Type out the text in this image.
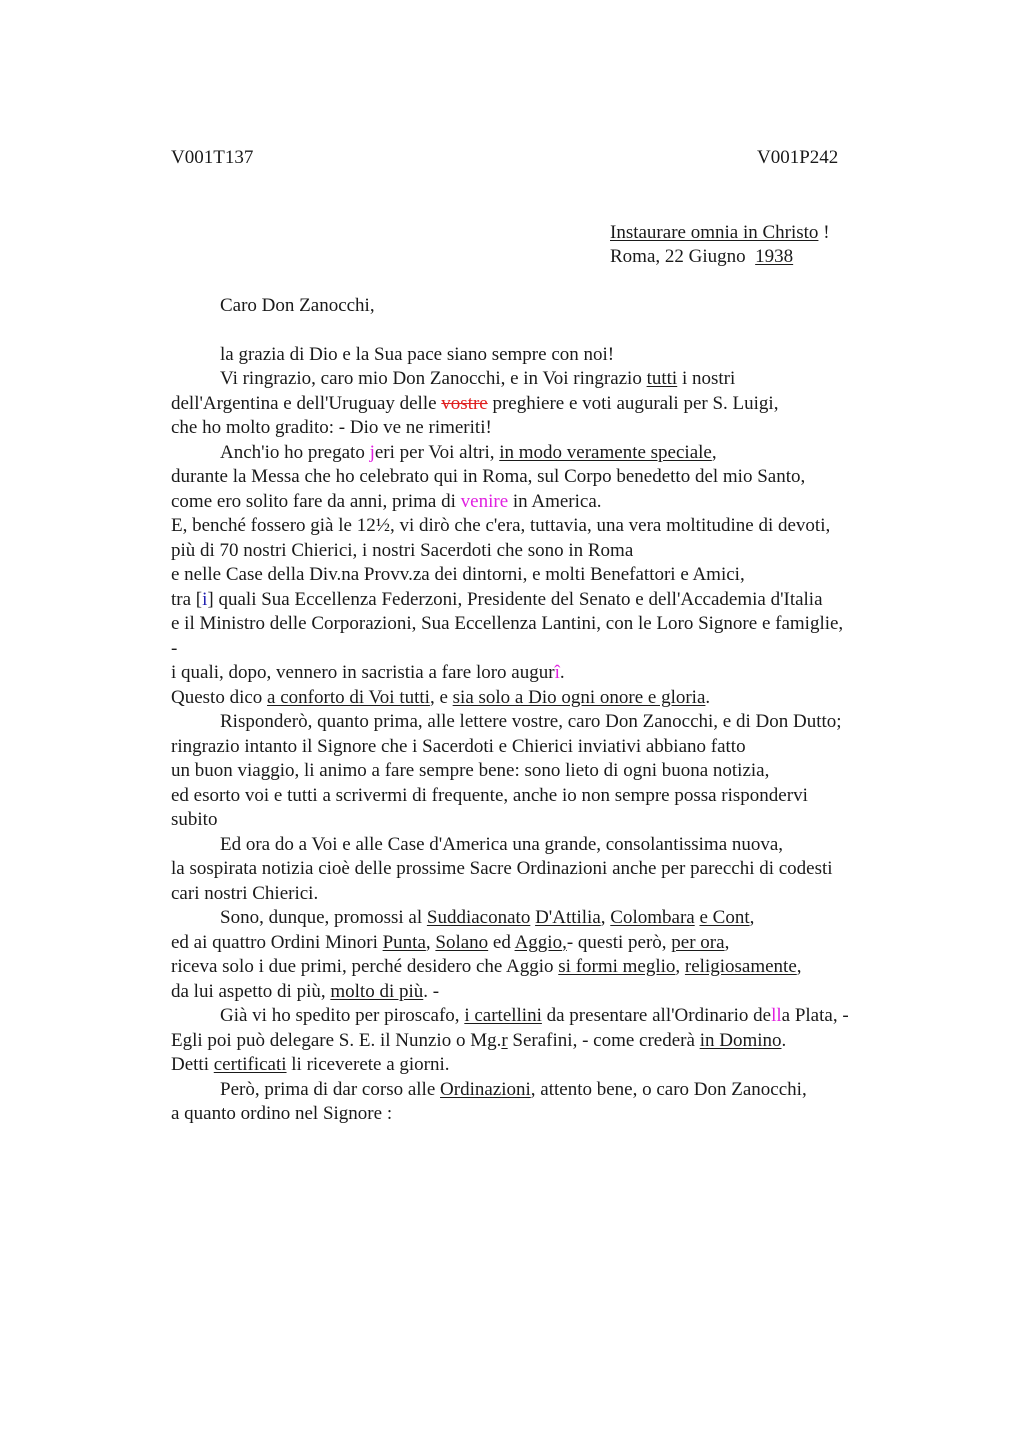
V001T137	V001P242
Instaurare omnia in Christo !
Roma, 22 Giugno  1938
Caro Don Zanocchi,
la grazia di Dio e la Sua pace siano sempre con noi!
Vi ringrazio, caro mio Don Zanocchi, e in Voi ringrazio tutti i nostri
dell'Argentina e dell'Uruguay delle vostre preghiere e voti augurali per S. Luigi,
che ho molto gradito: - Dio ve ne rimeriti!
Anch'io ho pregato jeri per Voi altri, in modo veramente speciale,
durante la Messa che ho celebrato qui in Roma, sul Corpo benedetto del mio Santo,
come ero solito fare da anni, prima di venire in America.
E, benché fossero già le 12½, vi dirò che c'era, tuttavia, una vera moltitudine di devoti,
più di 70 nostri Chierici, i nostri Sacerdoti che sono in Roma
e nelle Case della Div.na Provv.za dei dintorni, e molti Benefattori e Amici,
tra [i] quali Sua Eccellenza Federzoni, Presidente del Senato e dell'Accademia d'Italia
e il Ministro delle Corporazioni, Sua Eccellenza Lantini, con le Loro Signore e famiglie,
-
i quali, dopo, vennero in sacristia a fare loro augurî.
Questo dico a conforto di Voi tutti, e sia solo a Dio ogni onore e gloria.
Risponderò, quanto prima, alle lettere vostre, caro Don Zanocchi, e di Don Dutto;
ringrazio intanto il Signore che i Sacerdoti e Chierici inviativi abbiano fatto
un buon viaggio, li animo a fare sempre bene: sono lieto di ogni buona notizia,
ed esorto voi e tutti a scrivermi di frequente, anche io non sempre possa rispondervi
subito
Ed ora do a Voi e alle Case d'America una grande, consolantissima nuova,
la sospirata notizia cioè delle prossime Sacre Ordinazioni anche per parecchi di codesti
cari nostri Chierici.
Sono, dunque, promossi al Suddiaconato D'Attilia, Colombara e Cont,
ed ai quattro Ordini Minori Punta, Solano ed Aggio,- questi però, per ora,
riceva solo i due primi, perché desidero che Aggio si formi meglio, religiosamente,
da lui aspetto di più, molto di più. -
Già vi ho spedito per piroscafo, i cartellini da presentare all'Ordinario della Plata, -
Egli poi può delegare S. E. il Nunzio o Mg.r Serafini, - come crederà in Domino.
Detti certificati li riceverete a giorni.
Però, prima di dar corso alle Ordinazioni, attento bene, o caro Don Zanocchi,
a quanto ordino nel Signore :
